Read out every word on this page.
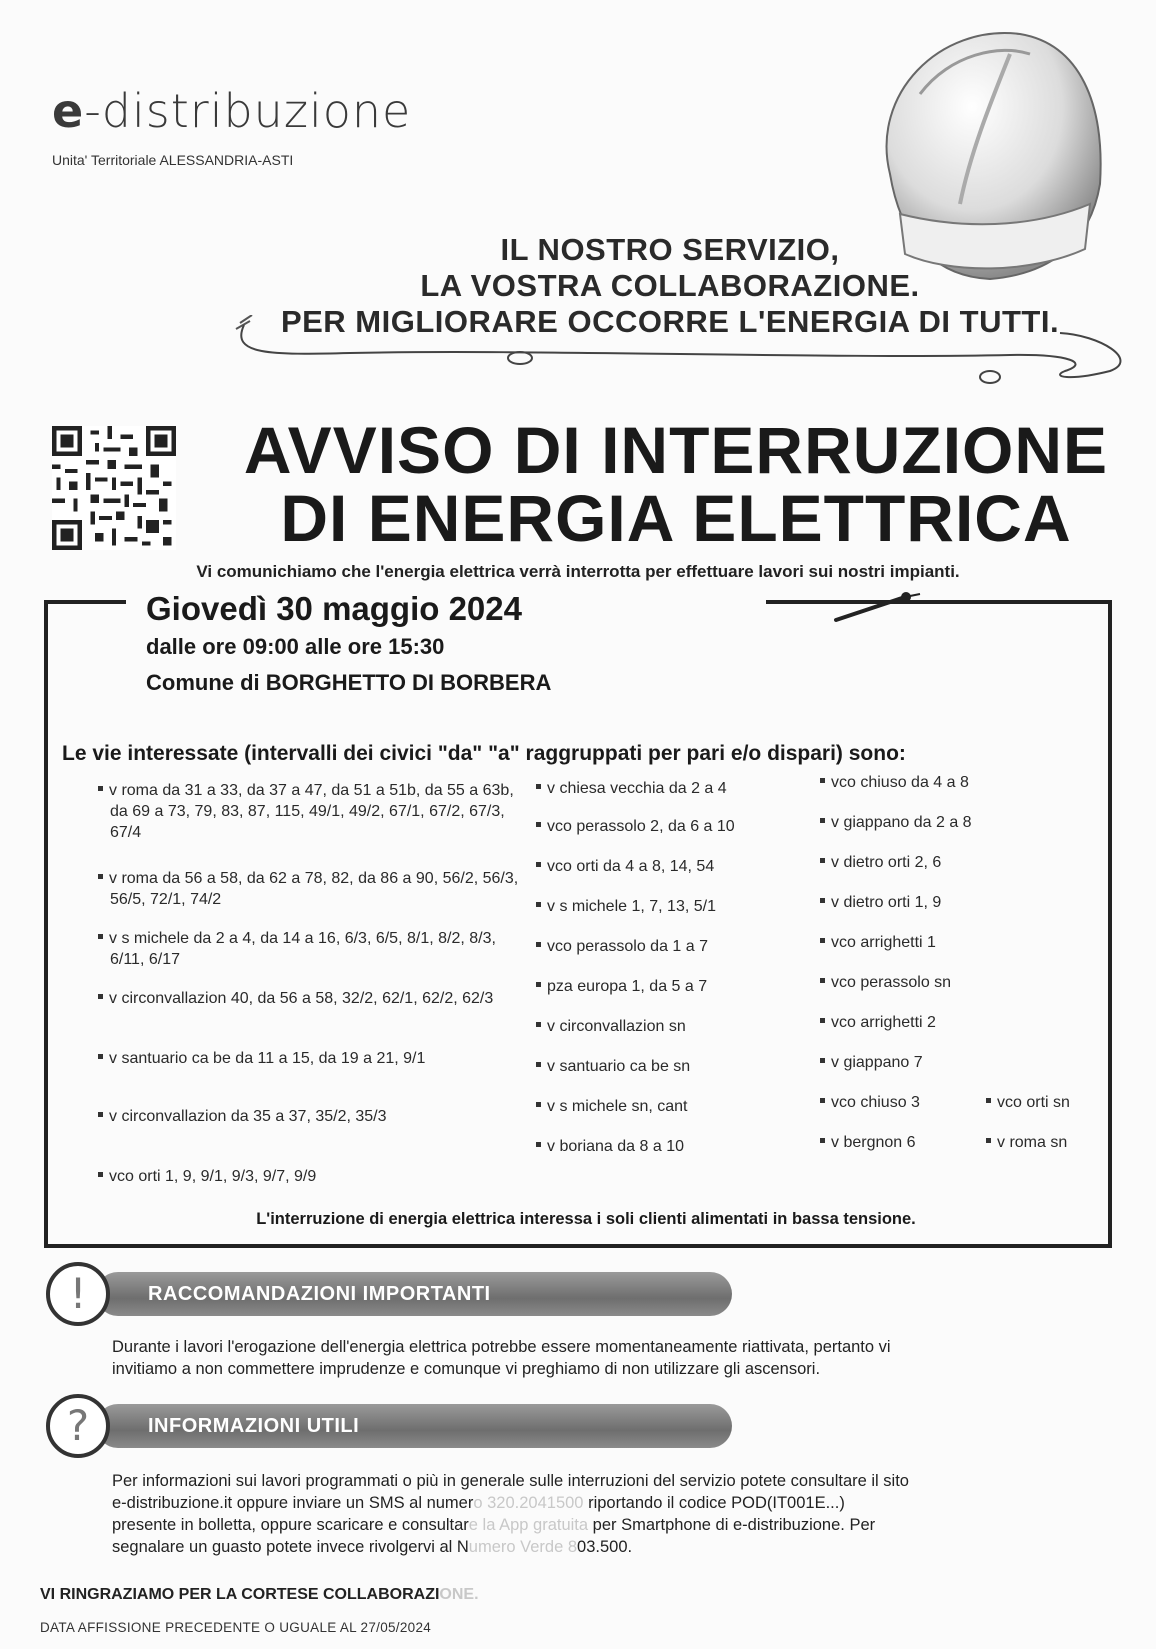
e-distribuzione
Unita' Territoriale ALESSANDRIA-ASTI
IL NOSTRO SERVIZIO,
LA VOSTRA COLLABORAZIONE.
PER MIGLIORARE OCCORRE L'ENERGIA DI TUTTI.
AVVISO DI INTERRUZIONE
DI ENERGIA ELETTRICA
Vi comunichiamo che l'energia elettrica verrà interrotta per effettuare lavori sui nostri impianti.
Giovedì 30 maggio 2024
dalle ore 09:00 alle ore 15:30
Comune di BORGHETTO DI BORBERA
Le vie interessate (intervalli dei civici "da" "a" raggruppati per pari e/o dispari) sono:
v roma da 31 a 33, da 37 a 47, da 51 a 51b, da 55 a 63b, da 69 a 73, 79, 83, 87, 115, 49/1, 49/2, 67/1, 67/2, 67/3, 67/4
v roma da 56 a 58, da 62 a 78, 82, da 86 a 90, 56/2, 56/3, 56/5, 72/1, 74/2
v s michele da 2 a 4, da 14 a 16, 6/3, 6/5, 8/1, 8/2, 8/3, 6/11, 6/17
v circonvallazion 40, da 56 a 58, 32/2, 62/1, 62/2, 62/3
v santuario ca be da 11 a 15, da 19 a 21, 9/1
v circonvallazion da 35 a 37, 35/2, 35/3
vco orti 1, 9, 9/1, 9/3, 9/7, 9/9
v chiesa vecchia da 2 a 4
vco perassolo 2, da 6 a 10
vco orti da 4 a 8, 14, 54
v s michele 1, 7, 13, 5/1
vco perassolo da 1 a 7
pza europa 1, da 5 a 7
v circonvallazion sn
v santuario ca be sn
v s michele sn, cant
v boriana da 8 a 10
vco chiuso da 4 a 8
v giappano da 2 a 8
v dietro orti 2, 6
v dietro orti 1, 9
vco arrighetti 1
vco perassolo sn
vco arrighetti 2
v giappano 7
vco chiuso 3
v bergnon 6
vco orti sn
v roma sn
L'interruzione di energia elettrica interessa i soli clienti alimentati in bassa tensione.
RACCOMANDAZIONI IMPORTANTI
!
Durante i lavori l'erogazione dell'energia elettrica potrebbe essere momentaneamente riattivata, pertanto vi
invitiamo a non commettere imprudenze e comunque vi preghiamo di non utilizzare gli ascensori.
INFORMAZIONI UTILI
?
Per informazioni sui lavori programmati o più in generale sulle interruzioni del servizio potete consultare il sito
e-distribuzione.it oppure inviare un SMS al numero 320.2041500 riportando il codice POD(IT001E...)
presente in bolletta, oppure scaricare e consultare la App gratuita per Smartphone di e-distribuzione. Per
segnalare un guasto potete invece rivolgervi al Numero Verde 803.500.
VI RINGRAZIAMO PER LA CORTESE COLLABORAZIONE.
DATA AFFISSIONE PRECEDENTE O UGUALE AL 27/05/2024
